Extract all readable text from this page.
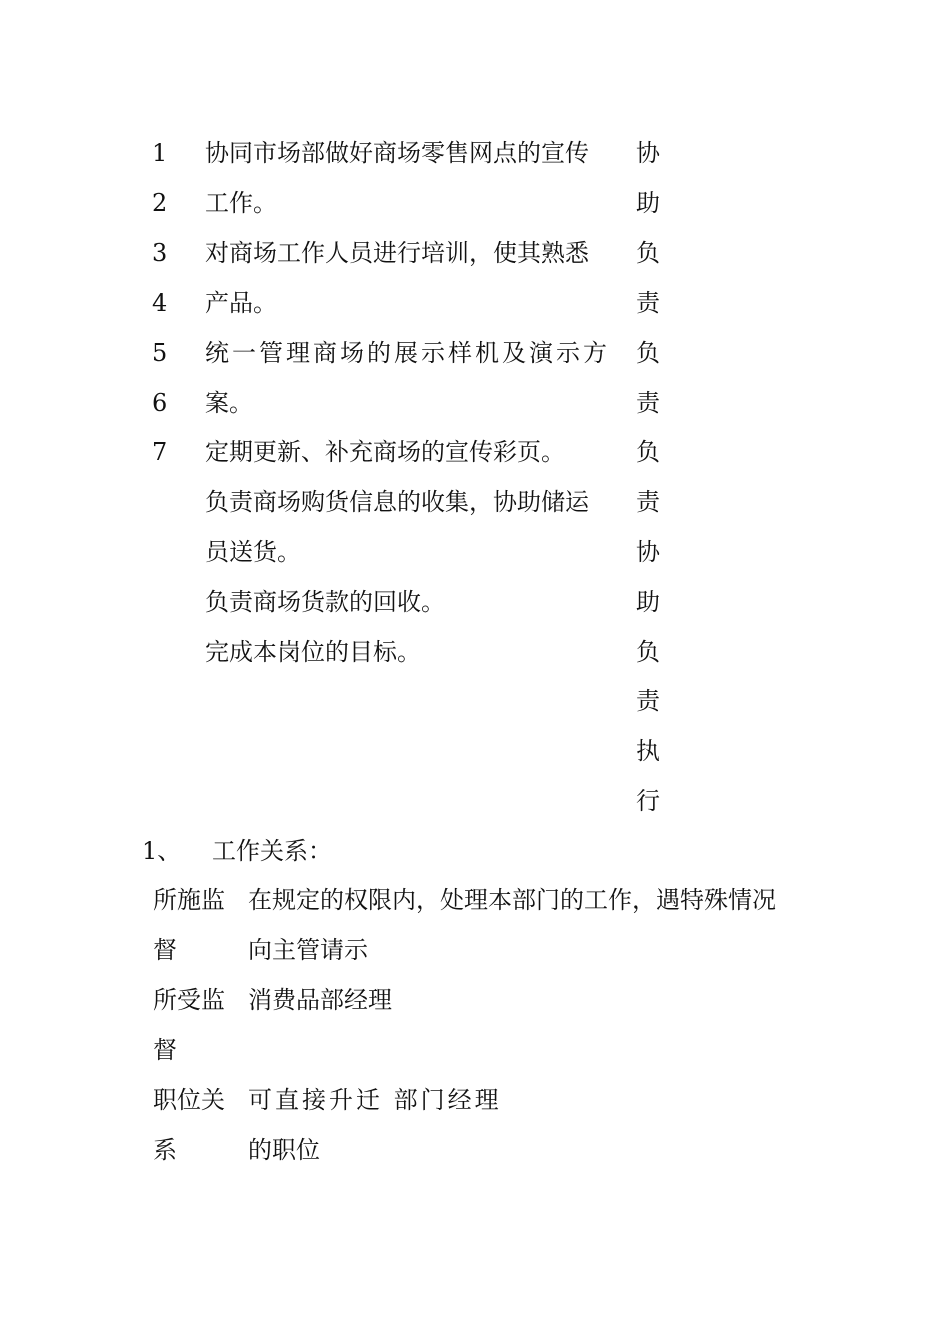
1
2
3
4
5
6
7
协同市场部做好商场零售网点的宣传
工作。
对商场工作人员进行培训，使其熟悉
产品。
统一管理商场的展示样机及演示方
案。
定期更新、补充商场的宣传彩页。
负责商场购货信息的收集，协助储运
员送货。
负责商场货款的回收。
完成本岗位的目标。
协
助
负
责
负
责
负
责
协
助
负
责
执
行
1、 工作关系：
所施监
督
在规定的权限内，处理本部门的工作，遇特殊情况
向主管请示
所受监
督
消费品部经理
职位关
系
可直接升迁 部门经理
的职位
